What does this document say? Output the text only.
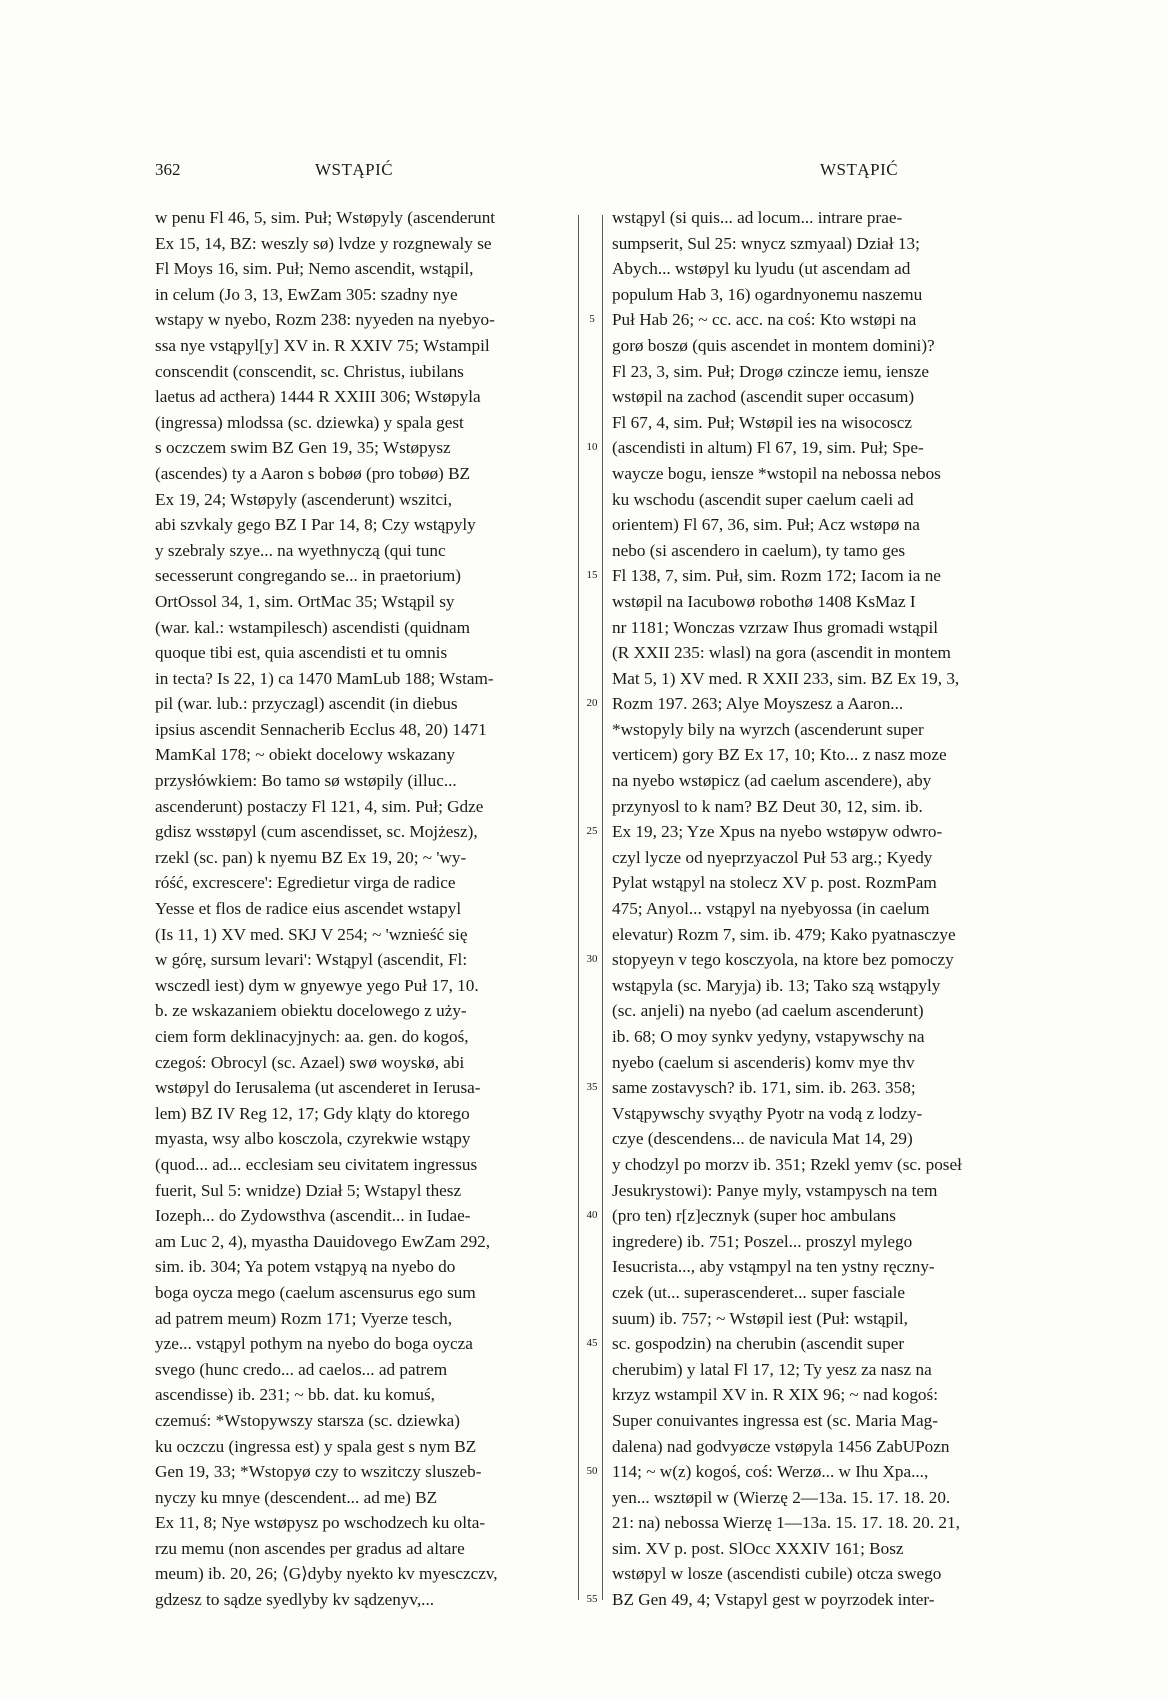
362	WSTĄPIĆ	WSTĄPIĆ
w penu Fl 46, 5, sim. Puł; Wstøpyly (ascenderunt
Ex 15, 14, BZ: weszly sø) lvdze y rozgnewaly se
Fl Moys 16, sim. Puł; Nemo ascendit, wstąpil,
in celum (Jo 3, 13, EwZam 305: szadny nye
wstapy w nyebo, Rozm 238: nyyeden na nyebyo-
ssa nye vstąpyl[y] XV in. R XXIV 75; Wstampil
conscendit (conscendit, sc. Christus, iubilans
laetus ad acthera) 1444 R XXIII 306; Wstøpyla
(ingressa) mlodssa (sc. dziewka) y spala gest
s oczczem swim BZ Gen 19, 35; Wstøpysz
(ascendes) ty a Aaron s bobøø (pro tobøø) BZ
Ex 19, 24; Wstøpyly (ascenderunt) wszitci,
abi szvkaly gego BZ I Par 14, 8; Czy wstąpyly
y szebraly szye... na wyethnyczą (qui tunc
secesserunt congregando se... in praetorium)
OrtOssol 34, 1, sim. OrtMac 35; Wstąpil sy
(war. kal.: wstampilesch) ascendisti (quidnam
quoque tibi est, quia ascendisti et tu omnis
in tecta? Is 22, 1) ca 1470 MamLub 188; Wstam-
pil (war. lub.: przyczagl) ascendit (in diebus
ipsius ascendit Sennacherib Ecclus 48, 20) 1471
MamKal 178; ~ obiekt docelowy wskazany
przysłówkiem: Bo tamo sø wstøpily (illuc...
ascenderunt) postaczy Fl 121, 4, sim. Puł; Gdze
gdisz wsstøpyl (cum ascendisset, sc. Mojżesz),
rzekl (sc. pan) k nyemu BZ Ex 19, 20; ~ 'wy-
róść, excrescere': Egredietur virga de radice
Yesse et flos de radice eius ascendet wstapyl
(Is 11, 1) XV med. SKJ V 254; ~ 'wznieść się
w górę, sursum levari': Wstąpyl (ascendit, Fl:
wsczedl iest) dym w gnyewye yego Puł 17, 10.
b. ze wskazaniem obiektu docelowego z uży-
ciem form deklinacyjnych: aa. gen. do kogoś,
czegoś: Obrocyl (sc. Azael) swø woyskø, abi
wstøpyl do Ierusalema (ut ascenderet in Ierusa-
lem) BZ IV Reg 12, 17; Gdy kląty do ktorego
myasta, wsy albo kosczola, czyrekwie wstąpy
(quod... ad... ecclesiam seu civitatem ingressus
fuerit, Sul 5: wnidze) Dział 5; Wstapyl thesz
Iozeph... do Zydowsthva (ascendit... in Iudae-
am Luc 2, 4), myastha Dauidovego EwZam 292,
sim. ib. 304; Ya potem vstąpyą na nyebo do
boga oycza mego (caelum ascensurus ego sum
ad patrem meum) Rozm 171; Vyerze tesch,
yze... vstąpyl pothym na nyebo do boga oycza
svego (hunc credo... ad caelos... ad patrem
ascendisse) ib. 231; ~ bb. dat. ku komuś,
czemuś: *Wstopywszy starsza (sc. dziewka)
ku oczczu (ingressa est) y spala gest s nym BZ
Gen 19, 33; *Wstopyø czy to wszitczy sluszeb-
nyczy ku mnye (descendent... ad me) BZ
Ex 11, 8; Nye wstøpysz po wschodzech ku olta-
rzu memu (non ascendes per gradus ad altare
meum) ib. 20, 26; ⟨G⟩dyby nyekto kv myesczczv,
gdzesz to sądze syedlyby kv sądzenyv,...
5
10
15
20
25
30
35
40
45
50
55
wstąpyl (si quis... ad locum... intrare prae-
sumpserit, Sul 25: wnycz szmyaal) Dział 13;
Abych... wstøpyl ku lyudu (ut ascendam ad
populum Hab 3, 16) ogardnyonemu naszemu
Puł Hab 26; ~ cc. acc. na coś: Kto wstøpi na
gorø boszø (quis ascendet in montem domini)?
Fl 23, 3, sim. Puł; Drogø czincze iemu, iensze
wstøpil na zachod (ascendit super occasum)
Fl 67, 4, sim. Puł; Wstøpil ies na wisocoscz
(ascendisti in altum) Fl 67, 19, sim. Puł; Spe-
waycze bogu, iensze *wstopil na nebossa nebos
ku wschodu (ascendit super caelum caeli ad
orientem) Fl 67, 36, sim. Puł; Acz wstøpø na
nebo (si ascendero in caelum), ty tamo ges
Fl 138, 7, sim. Puł, sim. Rozm 172; Iacom ia ne
wstøpil na Iacubowø robothø 1408 KsMaz I
nr 1181; Wonczas vzrzaw Ihus gromadi wstąpil
(R XXII 235: wlasl) na gora (ascendit in montem
Mat 5, 1) XV med. R XXII 233, sim. BZ Ex 19, 3,
Rozm 197. 263; Alye Moyszesz a Aaron...
*wstopyly bily na wyrzch (ascenderunt super
verticem) gory BZ Ex 17, 10; Kto... z nasz moze
na nyebo wstøpicz (ad caelum ascendere), aby
przynyosl to k nam? BZ Deut 30, 12, sim. ib.
Ex 19, 23; Yze Xpus na nyebo wstøpyw odwro-
czyl lycze od nyeprzyaczol Puł 53 arg.; Kyedy
Pylat wstąpyl na stolecz XV p. post. RozmPam
475; Anyol... vstąpyl na nyebyossa (in caelum
elevatur) Rozm 7, sim. ib. 479; Kako pyatnasczye
stopyeyn v tego kosczyola, na ktore bez pomoczy
wstąpyla (sc. Maryja) ib. 13; Tako szą wstąpyly
(sc. anjeli) na nyebo (ad caelum ascenderunt)
ib. 68; O moy synkv yedyny, vstapywschy na
nyebo (caelum si ascenderis) komv mye thv
same zostavysch? ib. 171, sim. ib. 263. 358;
Vstąpywschy svyąthy Pyotr na vodą z lodzy-
czye (descendens... de navicula Mat 14, 29)
y chodzyl po morzv ib. 351; Rzekl yemv (sc. poseł
Jesukrystowi): Panye myly, vstampysch na tem
(pro ten) r[z]ecznyk (super hoc ambulans
ingredere) ib. 751; Poszel... proszyl mylego
Iesucrista..., aby vstąmpyl na ten ystny ręczny-
czek (ut... superascenderet... super fasciale
suum) ib. 757; ~ Wstøpil iest (Puł: wstąpil,
sc. gospodzin) na cherubin (ascendit super
cherubim) y latal Fl 17, 12; Ty yesz za nasz na
krzyz wstampil XV in. R XIX 96; ~ nad kogoś:
Super conuivantes ingressa est (sc. Maria Mag-
dalena) nad godvyøcze vstøpyla 1456 ZabUPozn
114; ~ w(z) kogoś, coś: Werzø... w Ihu Xpa...,
yen... wsztøpil w (Wierzę 2—13a. 15. 17. 18. 20.
21: na) nebossa Wierzę 1—13a. 15. 17. 18. 20. 21,
sim. XV p. post. SlOcc XXXIV 161; Bosz
wstøpyl w losze (ascendisti cubile) otcza swego
BZ Gen 49, 4; Vstapyl gest w poyrzodek inter-
